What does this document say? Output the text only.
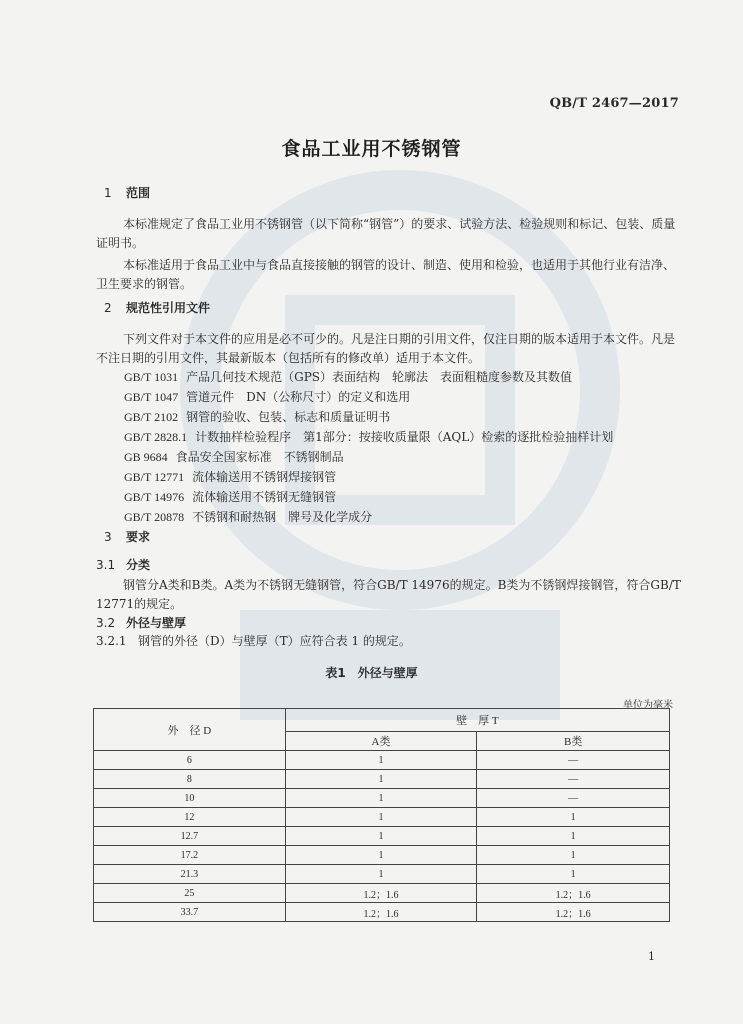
QB/T 2467—2017
食品工业用不锈钢管
1 范围
本标准规定了食品工业用不锈钢管（以下简称“钢管”）的要求、试验方法、检验规则和标记、包装、质量证明书。
本标准适用于食品工业中与食品直接接触的钢管的设计、制造、使用和检验，也适用于其他行业有洁净、卫生要求的钢管。
2 规范性引用文件
下列文件对于本文件的应用是必不可少的。凡是注日期的引用文件，仅注日期的版本适用于本文件。凡是不注日期的引用文件，其最新版本（包括所有的修改单）适用于本文件。
GB/T 1031 产品几何技术规范（GPS）表面结构　轮廓法　表面粗糙度参数及其数值
GB/T 1047 管道元件　DN（公称尺寸）的定义和选用
GB/T 2102 钢管的验收、包装、标志和质量证明书
GB/T 2828.1 计数抽样检验程序　第1部分：按接收质量限（AQL）检索的逐批检验抽样计划
GB 9684 食品安全国家标准　不锈钢制品
GB/T 12771 流体输送用不锈钢焊接钢管
GB/T 14976 流体输送用不锈钢无缝钢管
GB/T 20878 不锈钢和耐热钢　牌号及化学成分
3 要求
3.1 分类
钢管分A类和B类。A类为不锈钢无缝钢管，符合GB/T 14976的规定。B类为不锈钢焊接钢管，符合GB/T 12771的规定。
3.2 外径与壁厚
3.2.1 钢管的外径（D）与壁厚（T）应符合表 1 的规定。
表1　外径与壁厚
单位为毫米
外　径 D	壁　厚 T	
	A类	B类
6	1	—
8	1	—
10	1	—
12	1	1
12.7	1	1
17.2	1	1
21.3	1	1
25	1.2；1.6	1.2；1.6
33.7	1.2；1.6	1.2；1.6
1
